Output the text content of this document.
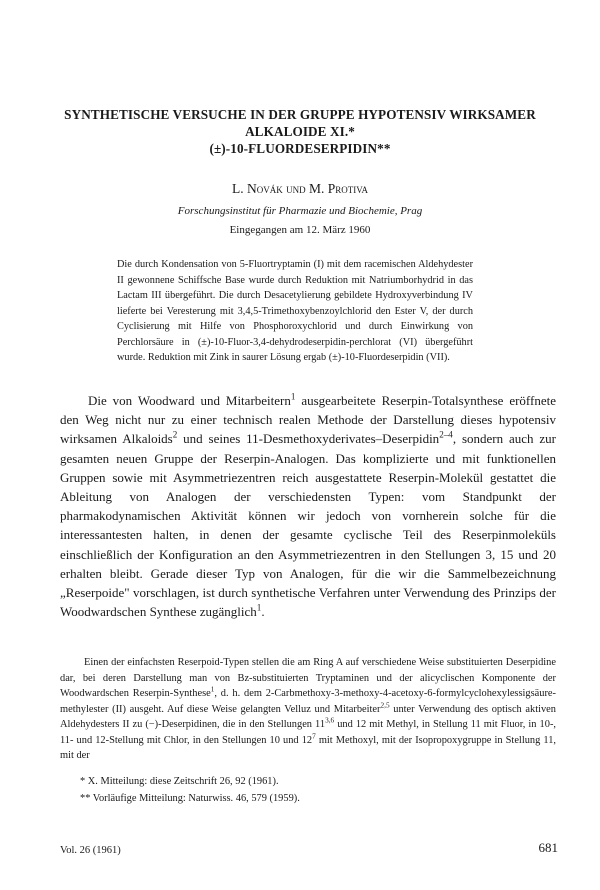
SYNTHETISCHE VERSUCHE IN DER GRUPPE HYPOTENSIV WIRKSAMER
ALKALOIDE XI.*
(±)-10-FLUORDESERPIDIN**
L. Novák und M. Protiva
Forschungsinstitut für Pharmazie und Biochemie, Prag
Eingegangen am 12. März 1960
Die durch Kondensation von 5-Fluortryptamin (I) mit dem racemischen Aldehydester II gewonnene Schiffsche Base wurde durch Reduktion mit Natriumborhydrid in das Lactam III übergeführt. Die durch Desacetylierung gebildete Hydroxyverbindung IV lieferte bei Veresterung mit 3,4,5-Trimethoxybenzoylchlorid den Ester V, der durch Cyclisierung mit Hilfe von Phosphoroxychlorid und durch Einwirkung von Perchlorsäure in (±)-10-Fluor-3,4-dehydrodeserpidin-perchlorat (VI) übergeführt wurde. Reduktion mit Zink in saurer Lösung ergab (±)-10-Fluordeserpidin (VII).
Die von Woodward und Mitarbeitern$^1$ ausgearbeitete Reserpin-Totalsynthese eröffnete den Weg nicht nur zu einer technisch realen Methode der Darstellung dieses hypotensiv wirksamen Alkaloids$^2$ und seines 11-Desmethoxyderivates–Deserpidin$^{2-4}$, sondern auch zur gesamten neuen Gruppe der Reserpin-Analogen. Das komplizierte und mit funktionellen Gruppen sowie mit Asymmetriezentren reich ausgestattete Reserpin-Molekül gestattet die Ableitung von Analogen der verschiedensten Typen: vom Standpunkt der pharmakodynamischen Aktivität können wir jedoch von vornherein solche für die interessantesten halten, in denen der gesamte cyclische Teil des Reserpinmoleküls einschließlich der Konfiguration an den Asymmetriezentren in den Stellungen 3, 15 und 20 erhalten bleibt. Gerade dieser Typ von Analogen, für die wir die Sammelbezeichnung „Reserpoide" vorschlagen, ist durch synthetische Verfahren unter Verwendung des Prinzips der Woodwardschen Synthese zugänglich$^1$.
Einen der einfachsten Reserpoid-Typen stellen die am Ring A auf verschiedene Weise substituierten Deserpidine dar, bei deren Darstellung man von Bz-substituierten Tryptaminen und der alicyclischen Komponente der Woodwardschen Reserpin-Synthese$^1$, d. h. dem 2-Carbmethoxy-3-methoxy-4-acetoxy-6-formylcyclohexylessigsäure-methylester (II) ausgeht. Auf diese Weise gelangten Velluz und Mitarbeiter$^{2,5}$ unter Verwendung des optisch aktiven Aldehydesters II zu (−)-Deserpidinen, die in den Stellungen 11$^{3,6}$ und 12 mit Methyl, in Stellung 11 mit Fluor, in 10-, 11- und 12-Stellung mit Chlor, in den Stellungen 10 und $12^7$ mit Methoxyl, mit der Isopropoxygruppe in Stellung 11, mit der
* X. Mitteilung: diese Zeitschrift 26, 92 (1961).
** Vorläufige Mitteilung: Naturwiss. 46, 579 (1959).
Vol. 26 (1961)	681
